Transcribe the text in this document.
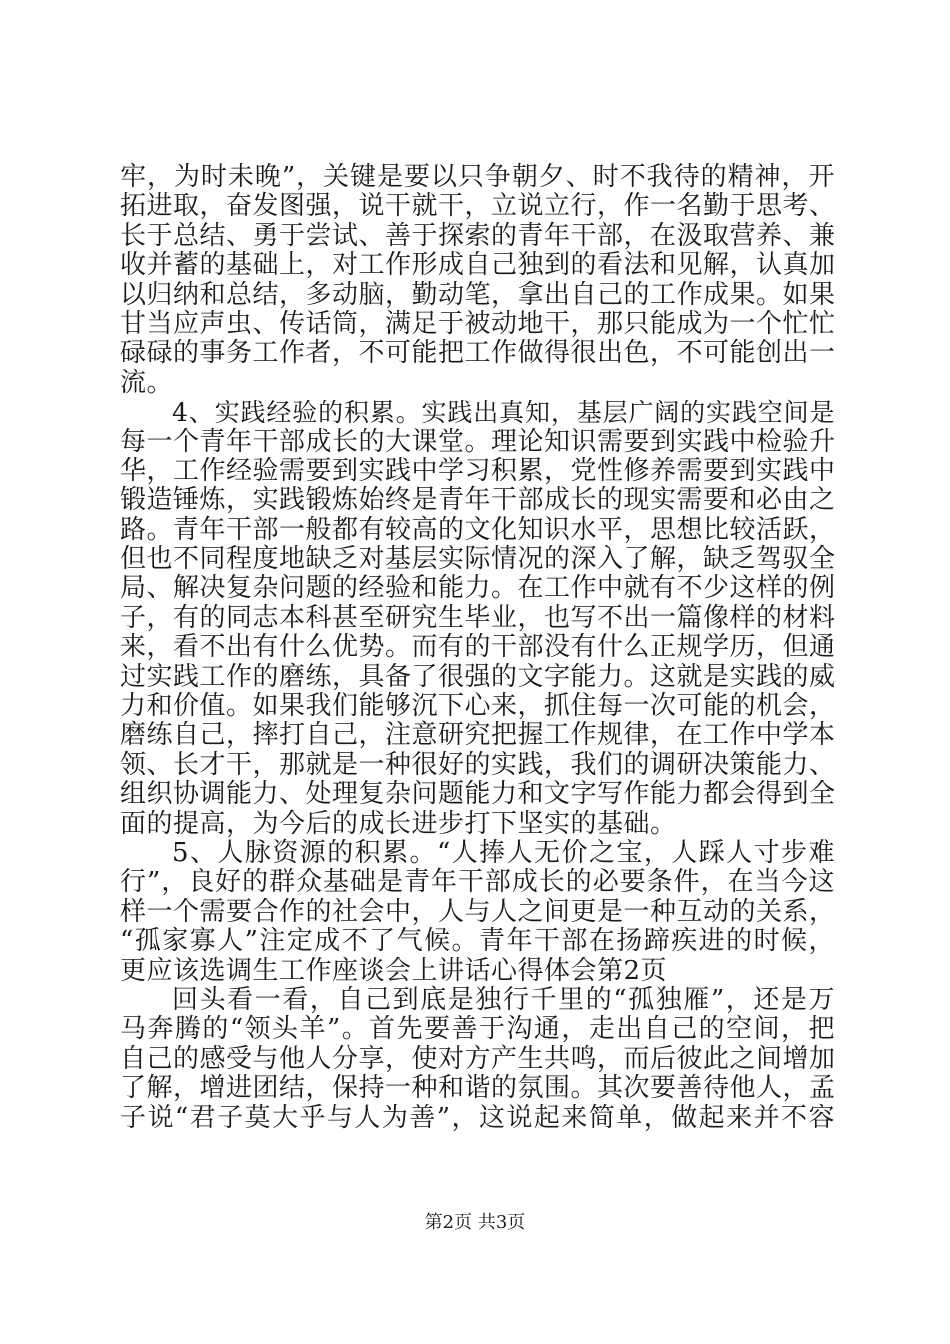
牢，为时未晚”，关键是要以只争朝夕、时不我待的精神，开
拓进取，奋发图强，说干就干，立说立行，作一名勤于思考、
长于总结、勇于尝试、善于探索的青年干部，在汲取营养、兼
收并蓄的基础上，对工作形成自己独到的看法和见解，认真加
以归纳和总结，多动脑，勤动笔，拿出自己的工作成果。如果
甘当应声虫、传话筒，满足于被动地干，那只能成为一个忙忙
碌碌的事务工作者，不可能把工作做得很出色，不可能创出一
流。
4、实践经验的积累。实践出真知，基层广阔的实践空间是
每一个青年干部成长的大课堂。理论知识需要到实践中检验升
华，工作经验需要到实践中学习积累，党性修养需要到实践中
锻造锤炼，实践锻炼始终是青年干部成长的现实需要和必由之
路。青年干部一般都有较高的文化知识水平，思想比较活跃，
但也不同程度地缺乏对基层实际情况的深入了解，缺乏驾驭全
局、解决复杂问题的经验和能力。在工作中就有不少这样的例
子，有的同志本科甚至研究生毕业，也写不出一篇像样的材料
来，看不出有什么优势。而有的干部没有什么正规学历，但通
过实践工作的磨练，具备了很强的文字能力。这就是实践的威
力和价值。如果我们能够沉下心来，抓住每一次可能的机会，
磨练自己，摔打自己，注意研究把握工作规律，在工作中学本
领、长才干，那就是一种很好的实践，我们的调研决策能力、
组织协调能力、处理复杂问题能力和文字写作能力都会得到全
面的提高，为今后的成长进步打下坚实的基础。
5、人脉资源的积累。“人捧人无价之宝，人踩人寸步难
行”，良好的群众基础是青年干部成长的必要条件，在当今这
样一个需要合作的社会中，人与人之间更是一种互动的关系，
“孤家寡人”注定成不了气候。青年干部在扬蹄疾进的时候，
更应该选调生工作座谈会上讲话心得体会第2页
回头看一看，自己到底是独行千里的“孤独雁”，还是万
马奔腾的“领头羊”。首先要善于沟通，走出自己的空间，把
自己的感受与他人分享，使对方产生共鸣，而后彼此之间增加
了解，增进团结，保持一种和谐的氛围。其次要善待他人，孟
子说“君子莫大乎与人为善”，这说起来简单，做起来并不容
第2页 共3页
